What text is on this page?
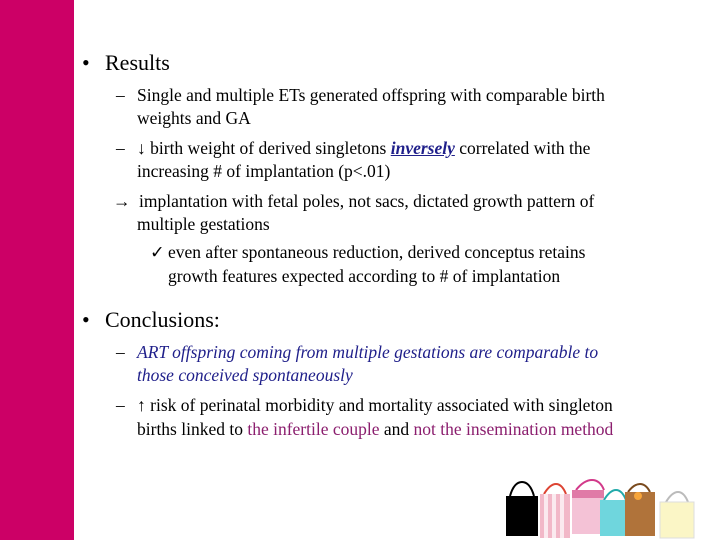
• Results
– Single and multiple ETs generated offspring with comparable birth
weights and GA
– ↓ birth weight of derived singletons inversely correlated with the
increasing # of implantation (p<.01)
→ implantation with fetal poles, not sacs, dictated growth pattern of
multiple gestations
✓ even after spontaneous reduction, derived conceptus retains
growth features expected according to # of implantation
• Conclusions:
– ART offspring coming from multiple gestations are comparable to
those conceived spontaneously
– ↑ risk of perinatal morbidity and mortality associated with singleton
births linked to the infertile couple and not the insemination method
